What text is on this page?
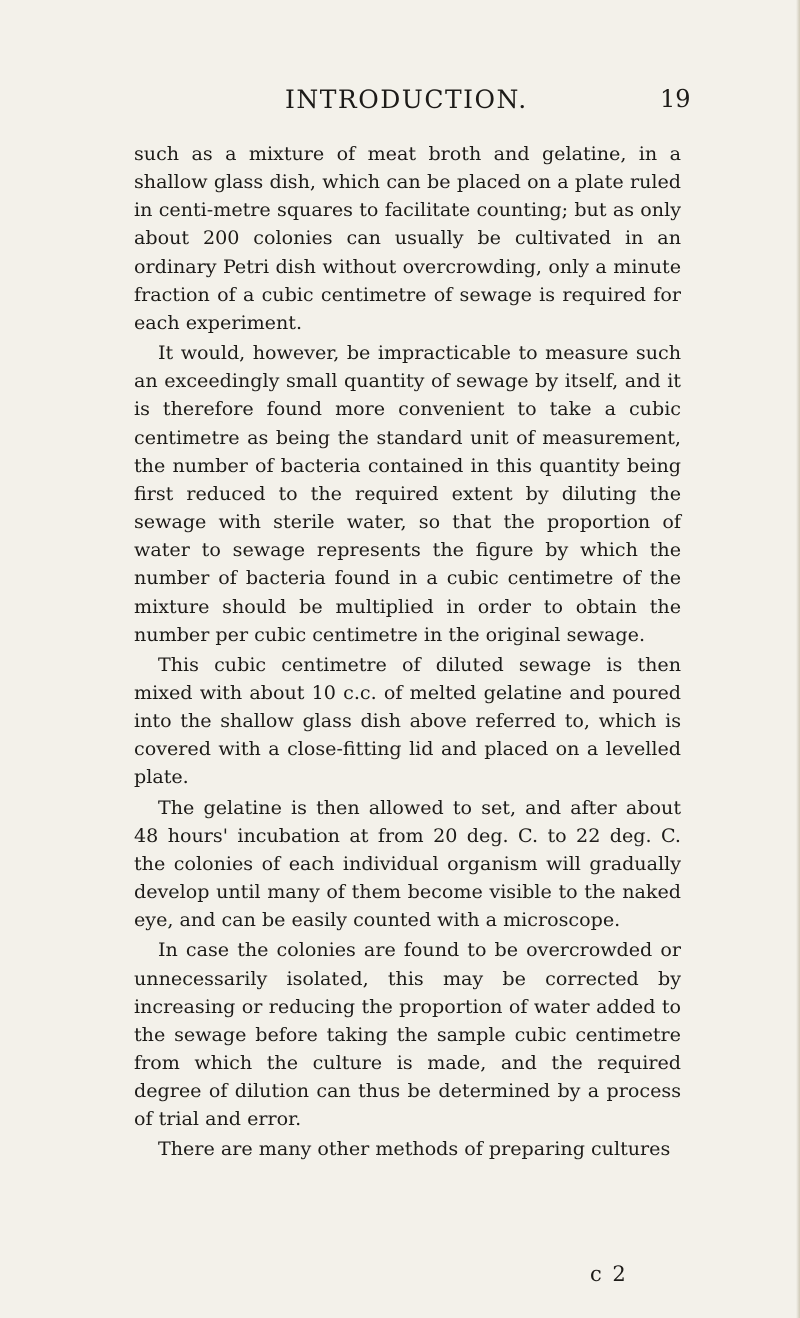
INTRODUCTION.	19

such as a mixture of meat broth and gelatine, in a shallow glass dish, which can be placed on a plate ruled in centi-metre squares to facilitate counting; but as only about 200 colonies can usually be cultivated in an ordinary Petri dish without overcrowding, only a minute fraction of a cubic centimetre of sewage is required for each experiment.

It would, however, be impracticable to measure such an exceedingly small quantity of sewage by itself, and it is therefore found more convenient to take a cubic centimetre as being the standard unit of measurement, the number of bacteria contained in this quantity being first reduced to the required extent by diluting the sewage with sterile water, so that the proportion of water to sewage represents the figure by which the number of bacteria found in a cubic centimetre of the mixture should be multiplied in order to obtain the number per cubic centimetre in the original sewage.

This cubic centimetre of diluted sewage is then mixed with about 10 c.c. of melted gelatine and poured into the shallow glass dish above referred to, which is covered with a close-fitting lid and placed on a levelled plate.

The gelatine is then allowed to set, and after about 48 hours' incubation at from 20 deg. C. to 22 deg. C. the colonies of each individual organism will gradually develop until many of them become visible to the naked eye, and can be easily counted with a microscope.

In case the colonies are found to be overcrowded or unnecessarily isolated, this may be corrected by increasing or reducing the proportion of water added to the sewage before taking the sample cubic centimetre from which the culture is made, and the required degree of dilution can thus be determined by a process of trial and error.

There are many other methods of preparing cultures

c 2
